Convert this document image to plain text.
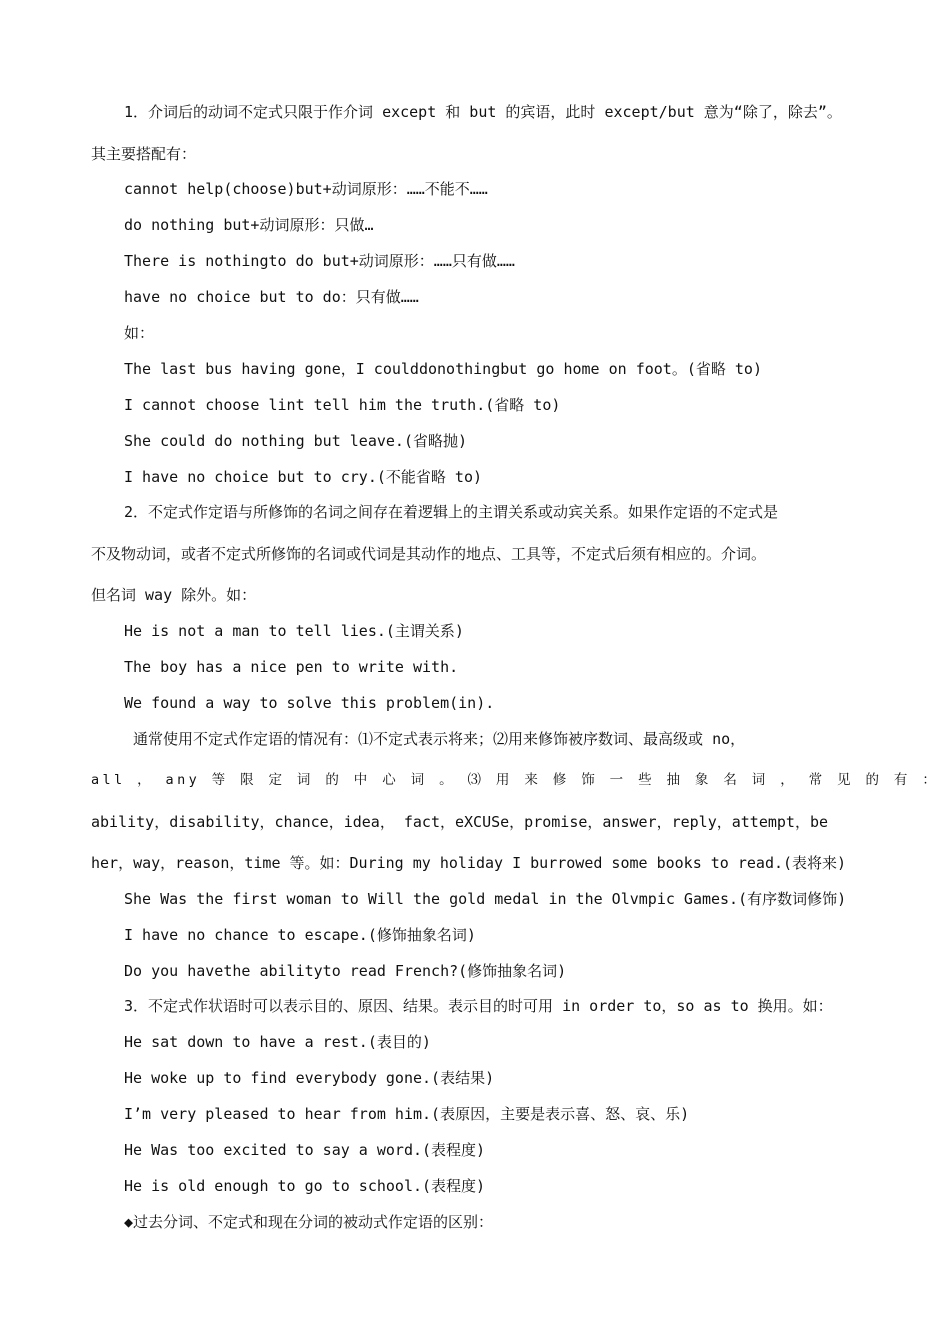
1．介词后的动词不定式只限于作介词 except 和 but 的宾语，此时 except/but 意为“除了，除去”。
其主要搭配有：
cannot help(choose)but+动词原形：……不能不……
do nothing but+动词原形：只做…
There is nothingto do but+动词原形：……只有做……
have no choice but to do：只有做……
如：
The last bus having gone，I coulddonothingbut go home on foot。(省略 to)
I cannot choose lint tell him the truth.(省略 to)
She could do nothing but leave.(省略抛)
I have no choice but to cry.(不能省略 to)
2．不定式作定语与所修饰的名词之间存在着逻辑上的主谓关系或动宾关系。如果作定语的不定式是
不及物动词，或者不定式所修饰的名词或代词是其动作的地点、工具等，不定式后须有相应的。介词。
但名词 way 除外。如：
He is not a man to tell lies.(主谓关系)
The boy has a nice pen to write with.
We found a way to solve this problem(in).
通常使用不定式作定语的情况有：⑴不定式表示将来；⑵用来修饰被序数词、最高级或 no，
all ， any 等 限 定 词 的 中 心 词 。 ⑶ 用 来 修 饰 一 些 抽 象 名 词 ， 常 见 的 有 ：
ability，disability，chance，idea， fact，eXCUSe，promise，answer，reply，attempt，be
her，way，reason，time 等。如：During my holiday I burrowed some books to read.(表将来)
She Was the first woman to Will the gold medal in the Olvmpic Games.(有序数词修饰)
I have no chance to escape.(修饰抽象名词)
Do you havethe abilityto read French?(修饰抽象名词)
3．不定式作状语时可以表示目的、原因、结果。表示目的时可用 in order to，so as to 换用。如：
He sat down to have a rest.(表目的)
He woke up to find everybody gone.(表结果)
I’m very pleased to hear from him.(表原因，主要是表示喜、怒、哀、乐)
He Was too excited to say a word.(表程度)
He is old enough to go to school.(表程度)
◆过去分词、不定式和现在分词的被动式作定语的区别：
